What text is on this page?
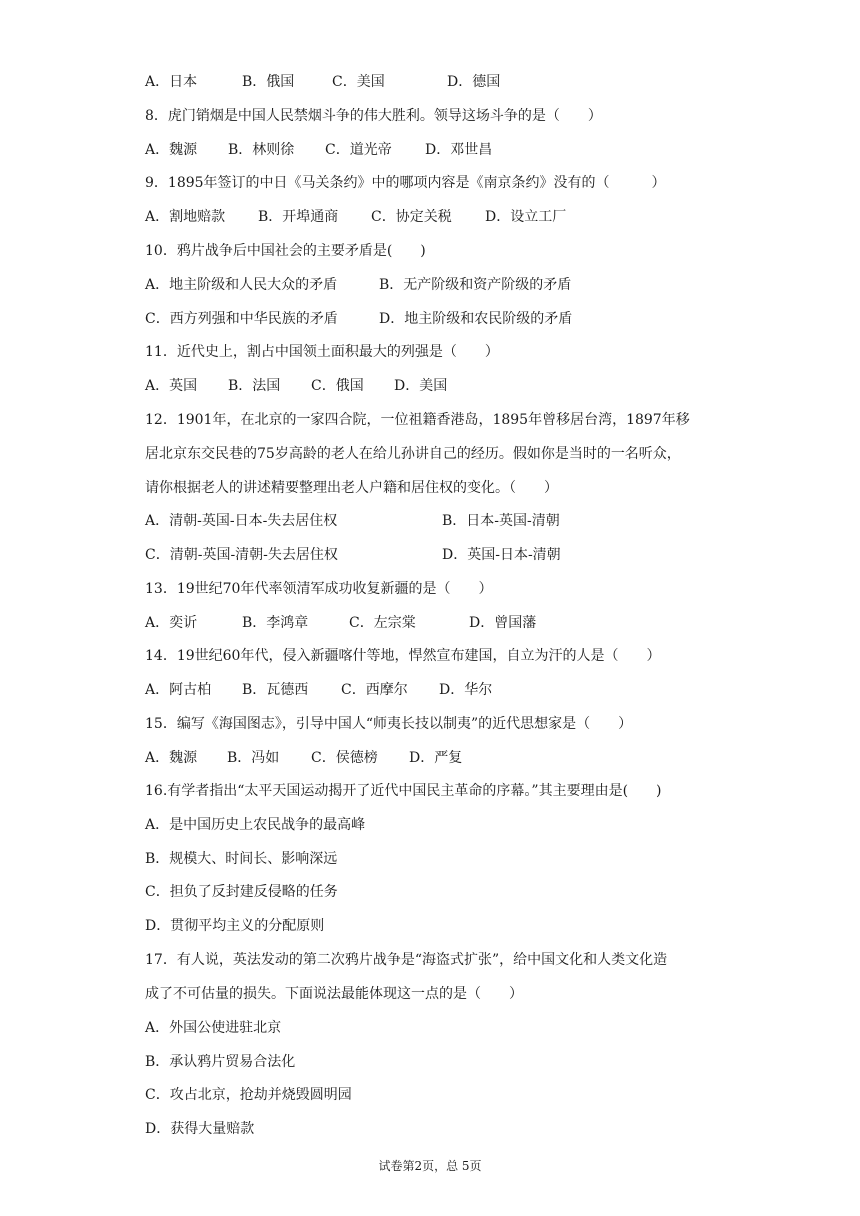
A．日本	B．俄国	C．美国	D．德国
8．虎门销烟是中国人民禁烟斗争的伟大胜利。领导这场斗争的是（　　）
A．魏源 B．林则徐 C．道光帝 D．邓世昌
9．1895年签订的中日《马关条约》中的哪项内容是《南京条约》没有的（　　　）
A．割地赔款 B．开埠通商 C．协定关税 D．设立工厂
10．鸦片战争后中国社会的主要矛盾是(　　)
A．地主阶级和人民大众的矛盾	B．无产阶级和资产阶级的矛盾
C．西方列强和中华民族的矛盾	D．地主阶级和农民阶级的矛盾
11．近代史上，割占中国领土面积最大的列强是（　　）
A．英国 B．法国 C．俄国 D．美国
12．1901年，在北京的一家四合院，一位祖籍香港岛，1895年曾移居台湾，1897年移
居北京东交民巷的75岁高龄的老人在给儿孙讲自己的经历。假如你是当时的一名听众，
请你根据老人的讲述精要整理出老人户籍和居住权的变化。（　　）
A．清朝-英国-日本-失去居住权	B．日本-英国-清朝
C．清朝-英国-清朝-失去居住权	D．英国-日本-清朝
13．19世纪70年代率领清军成功收复新疆的是（　　）
A．奕䜣	B．李鸿章	C．左宗棠	D．曾国藩
14．19世纪60年代，侵入新疆喀什等地，悍然宣布建国，自立为汗的人是（　　）
A．阿古柏 B．瓦德西 C．西摩尔 D．华尔
15．编写《海国图志》，引导中国人“师夷长技以制夷”的近代思想家是（　　）
A．魏源 B．冯如 C．侯德榜 D．严复
16.有学者指出“太平天国运动揭开了近代中国民主革命的序幕。”其主要理由是(　　)
A．是中国历史上农民战争的最高峰
B．规模大、时间长、影响深远
C．担负了反封建反侵略的任务
D．贯彻平均主义的分配原则
17．有人说，英法发动的第二次鸦片战争是“海盗式扩张”，给中国文化和人类文化造
成了不可估量的损失。下面说法最能体现这一点的是（　　）
A．外国公使进驻北京
B．承认鸦片贸易合法化
C．攻占北京，抢劫并烧毁圆明园
D．获得大量赔款
试卷第2页，总 5页
